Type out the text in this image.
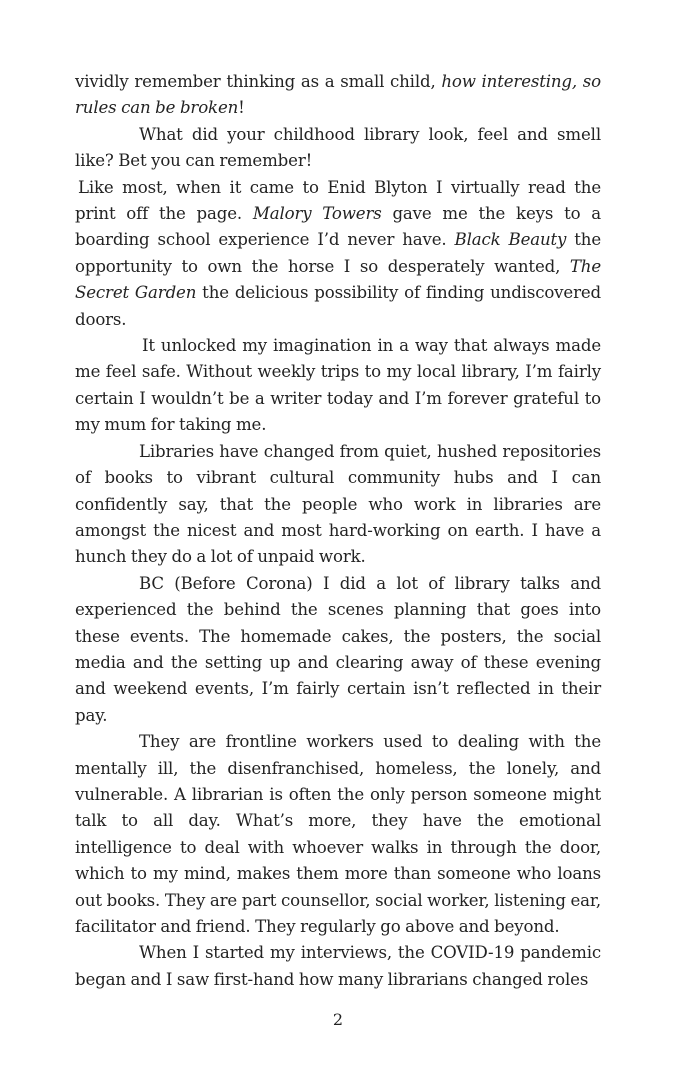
vividly remember thinking as a small child, how interesting, so rules can be broken!

What did your childhood library look, feel and smell like? Bet you can remember!

Like most, when it came to Enid Blyton I virtually read the print off the page. Malory Towers gave me the keys to a boarding school experience I’d never have. Black Beauty the opportunity to own the horse I so desperately wanted, The Secret Garden the delicious possibility of finding undiscovered doors.

It unlocked my imagination in a way that always made me feel safe. Without weekly trips to my local library, I’m fairly certain I wouldn’t be a writer today and I’m forever grateful to my mum for taking me.

Libraries have changed from quiet, hushed repositories of books to vibrant cultural community hubs and I can confidently say, that the people who work in libraries are amongst the nicest and most hard-working on earth. I have a hunch they do a lot of unpaid work.

BC (Before Corona) I did a lot of library talks and experienced the behind the scenes planning that goes into these events. The homemade cakes, the posters, the social media and the setting up and clearing away of these evening and weekend events, I’m fairly certain isn’t reflected in their pay.

They are frontline workers used to dealing with the mentally ill, the disenfranchised, homeless, the lonely, and vulnerable. A librarian is often the only person someone might talk to all day. What’s more, they have the emotional intelligence to deal with whoever walks in through the door, which to my mind, makes them more than someone who loans out books. They are part counsellor, social worker, listening ear, facilitator and friend. They regularly go above and beyond.

When I started my interviews, the COVID-19 pandemic began and I saw first-hand how many librarians changed roles

2
